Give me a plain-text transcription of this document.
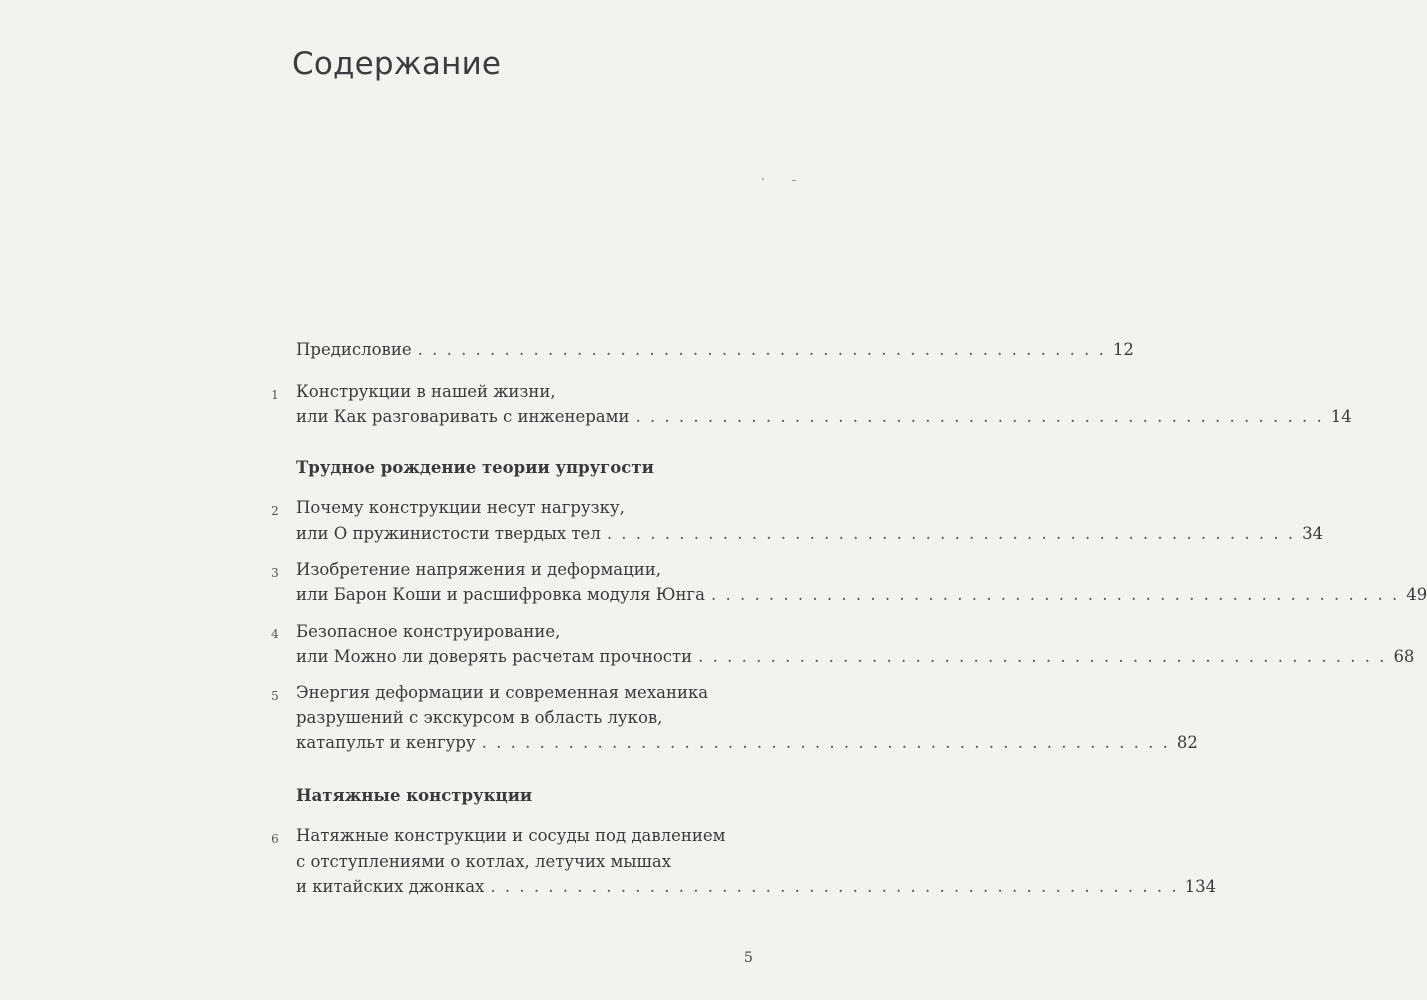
Содержание
Предисловие . . . . . . . . . . . . . . . . . . . . . . . . . . . . . . . . . . . . . . . . . . . . . . . . 12
1 Конструкции в нашей жизни,
или Как разговаривать с инженерами . . . . . . . . . . . . . . . . . . . . . . . . . . . . . . . . . . . . . . . . . . . . . . . . 14
Трудное рождение теории упругости
2 Почему конструкции несут нагрузку,
или О пружинистости твердых тел . . . . . . . . . . . . . . . . . . . . . . . . . . . . . . . . . . . . . . . . . . . . . . . . 34
3 Изобретение напряжения и деформации,
или Барон Коши и расшифровка модуля Юнга . . . . . . . . . . . . . . . . . . . . . . . . . . . . . . . . . . . . . . . . . . . . . . . . 49
4 Безопасное конструирование,
или Можно ли доверять расчетам прочности . . . . . . . . . . . . . . . . . . . . . . . . . . . . . . . . . . . . . . . . . . . . . . . . 68
5 Энергия деформации и современная механика
разрушений с экскурсом в область луков,
катапульт и кенгуру . . . . . . . . . . . . . . . . . . . . . . . . . . . . . . . . . . . . . . . . . . . . . . . . 82
Натяжные конструкции
6 Натяжные конструкции и сосуды под давлением
с отступлениями о котлах, летучих мышах
и китайских джонках . . . . . . . . . . . . . . . . . . . . . . . . . . . . . . . . . . . . . . . . . . . . . . . . 134
5
